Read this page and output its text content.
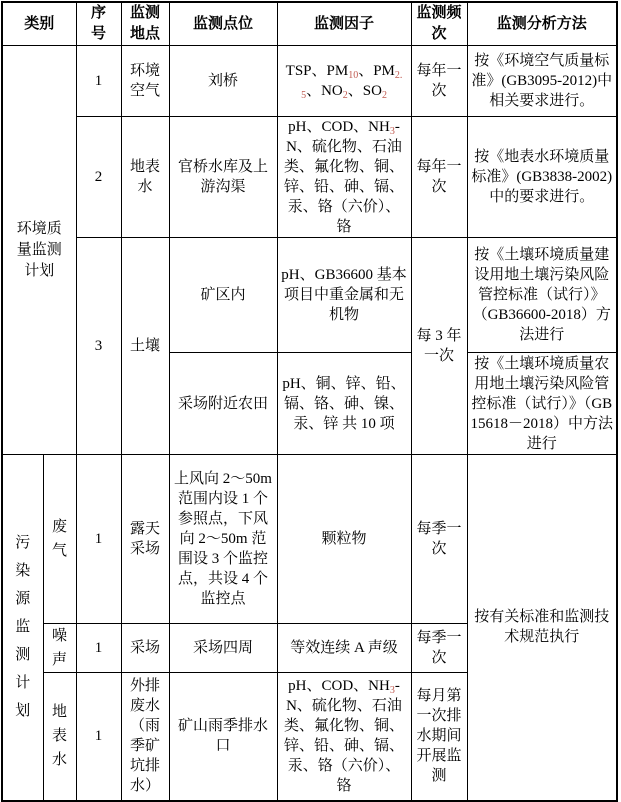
类别		序号	监测地点	监测点位	监测因子	监测频次	监测分析方法
环境质量监测计划		1	环境空气	刘桥	TSP、$PM_{10}$、$PM_{2.5}$、$NO_2$、$SO_2$	每年一次	按《环境空气质量标准》(GB3095-2012)中相关要求进行。
		2	地表水	官桥水库及上游沟渠	pH、COD、$NH_3-N$、硫化物、石油类、氟化物、铜、锌、铅、砷、镉、汞、铬（六价）、铬	每年一次	按《地表水环境质量标准》(GB3838-2002)中的要求进行。
		3	土壤	矿区内	pH、GB36600 基本项目中重金属和无机物	每 3 年一次	按《土壤环境质量建设用地土壤污染风险管控标准（试行）》（GB36600-2018）方法进行
				采场附近农田	pH、铜、锌、铅、镉、铬、砷、镍、汞、锌 共 10 项		按《土壤环境质量农用地土壤污染风险管控标准（试行）》（GB15618－2018）中方法进行
污染源监测计划	废气	1	露天采场	上风向 2～50m 范围内设 1 个参照点，下风向 2～50m 范围设 3 个监控点，共设 4 个监控点	颗粒物	每季一次	按有关标准和监测技术规范执行
	噪声	1	采场	采场四周	等效连续 A 声级	每季一次	
	地表水	1	外排废水（雨季矿坑排水）	矿山雨季排水口	pH、COD、$NH_3-N$、硫化物、石油类、氟化物、铜、锌、铅、砷、镉、汞、铬（六价）、铬	每月第一次排水期间开展监测	
